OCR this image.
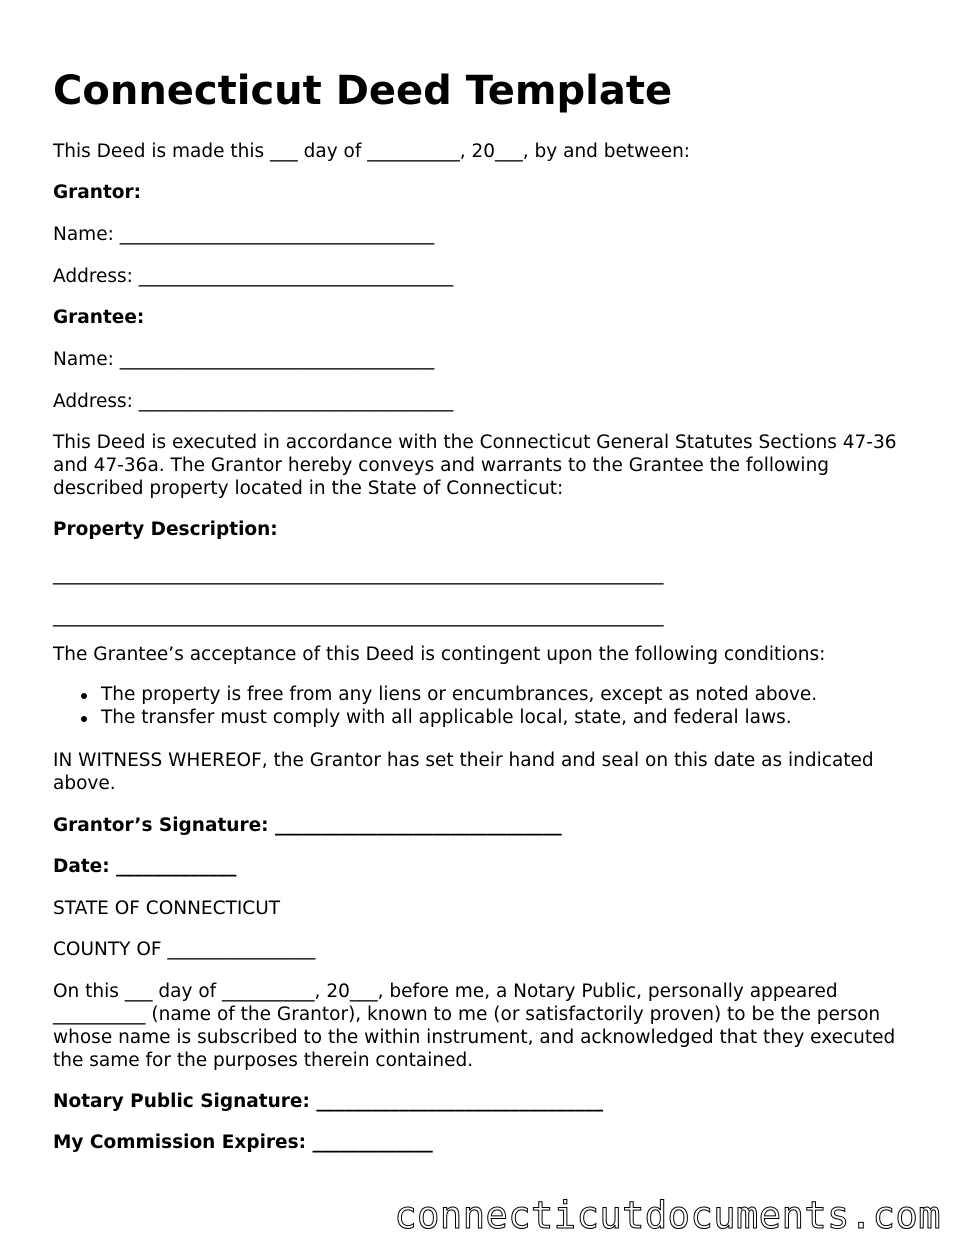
Connecticut Deed Template

This Deed is made this ___ day of __________, 20___, by and between:

Grantor:

Name: __________________________________

Address: __________________________________

Grantee:

Name: __________________________________

Address: __________________________________

This Deed is executed in accordance with the Connecticut General Statutes Sections 47-36 and 47-36a. The Grantor hereby conveys and warrants to the Grantee the following described property located in the State of Connecticut:

Property Description:

__________________________________________________________________

__________________________________________________________________

The Grantee’s acceptance of this Deed is contingent upon the following conditions:

The property is free from any liens or encumbrances, except as noted above.
The transfer must comply with all applicable local, state, and federal laws.

IN WITNESS WHEREOF, the Grantor has set their hand and seal on this date as indicated above.

Grantor’s Signature: _______________________________

Date: _____________

STATE OF CONNECTICUT

COUNTY OF ________________

On this ___ day of __________, 20___, before me, a Notary Public, personally appeared __________ (name of the Grantor), known to me (or satisfactorily proven) to be the person whose name is subscribed to the within instrument, and acknowledged that they executed the same for the purposes therein contained.

Notary Public Signature: _______________________________

My Commission Expires: _____________

connecticutdocuments.com
